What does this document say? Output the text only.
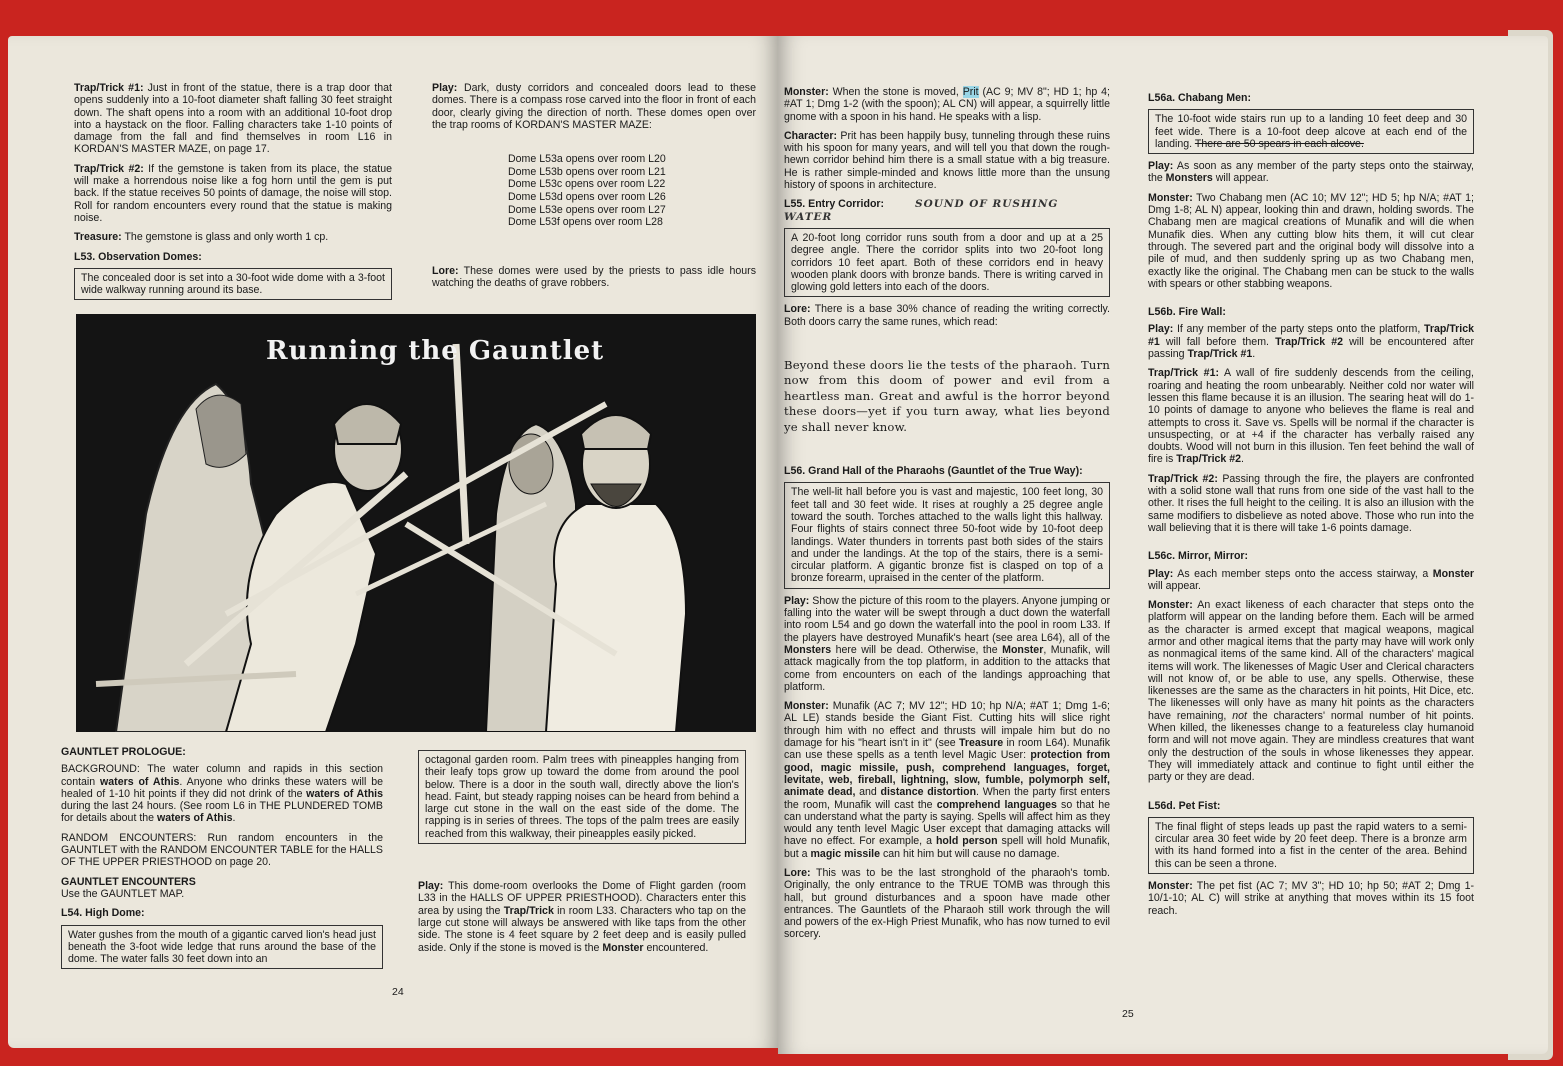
Trap/Trick #1: Just in front of the statue, there is a trap door that opens suddenly into a 10-foot diameter shaft falling 30 feet straight down. The shaft opens into a room with an additional 10-foot drop into a haystack on the floor. Falling characters take 1-10 points of damage from the fall and find themselves in room L16 in KORDAN'S MASTER MAZE, on page 17.

Trap/Trick #2: If the gemstone is taken from its place, the statue will make a horrendous noise like a fog horn until the gem is put back. If the statue receives 50 points of damage, the noise will stop. Roll for random encounters every round that the statue is making noise.

Treasure: The gemstone is glass and only worth 1 cp.

L53. Observation Domes:
The concealed door is set into a 30-foot wide dome with a 3-foot wide walkway running around its base.

Play: Dark, dusty corridors and concealed doors lead to these domes. There is a compass rose carved into the floor in front of each door, clearly giving the direction of north. These domes open over the trap rooms of KORDAN'S MASTER MAZE:

Dome L53a opens over room L20
Dome L53b opens over room L21
Dome L53c opens over room L22
Dome L53d opens over room L26
Dome L53e opens over room L27
Dome L53f opens over room L28

Lore: These domes were used by the priests to pass idle hours watching the deaths of grave robbers.

Running the Gauntlet
GAUNTLET PROLOGUE:

BACKGROUND: The water column and rapids in this section contain waters of Athis. Anyone who drinks these waters will be healed of 1-10 hit points if they did not drink of the waters of Athis during the last 24 hours. (See room L6 in THE PLUNDERED TOMB for details about the waters of Athis.

RANDOM ENCOUNTERS: Run random encounters in the GAUNTLET with the RANDOM ENCOUNTER TABLE for the HALLS OF THE UPPER PRIESTHOOD on page 20.

GAUNTLET ENCOUNTERS

Use the GAUNTLET MAP.

L54. High Dome:
Water gushes from the mouth of a gigantic carved lion's head just beneath the 3-foot wide ledge that runs around the base of the dome. The water falls 30 feet down into an
octagonal garden room. Palm trees with pineapples hanging from their leafy tops grow up toward the dome from around the pool below. There is a door in the south wall, directly above the lion's head. Faint, but steady rapping noises can be heard from behind a large cut stone in the wall on the east side of the dome. The rapping is in series of threes. The tops of the palm trees are easily reached from this walkway, their pineapples easily picked.

Play: This dome-room overlooks the Dome of Flight garden (room L33 in the HALLS OF UPPER PRIESTHOOD). Characters enter this area by using the Trap/Trick in room L33. Characters who tap on the large cut stone will always be answered with like taps from the other side. The stone is 4 feet square by 2 feet deep and is easily pulled aside. Only if the stone is moved is the Monster encountered.

24

Monster: When the stone is moved, Prit (AC 9; MV 8"; HD 1; hp 4; #AT 1; Dmg 1-2 (with the spoon); AL CN) will appear, a squirrelly little gnome with a spoon in his hand. He speaks with a lisp.

Character: Prit has been happily busy, tunneling through these ruins with his spoon for many years, and will tell you that down the rough-hewn corridor behind him there is a small statue with a big treasure. He is rather simple-minded and knows little more than the unsung history of spoons in architecture.

L55. Entry Corridor:	SOUND OF RUSHING WATER
A 20-foot long corridor runs south from a door and up at a 25 degree angle. There the corridor splits into two 20-foot long corridors 10 feet apart. Both of these corridors end in heavy wooden plank doors with bronze bands. There is writing carved in glowing gold letters into each of the doors.

Lore: There is a base 30% chance of reading the writing correctly. Both doors carry the same runes, which read:

Beyond these doors lie the tests of the pharaoh. Turn now from this doom of power and evil from a heartless man. Great and awful is the horror beyond these doors—yet if you turn away, what lies beyond ye shall never know.

L56. Grand Hall of the Pharaohs (Gauntlet of the True Way):
The well-lit hall before you is vast and majestic, 100 feet long, 30 feet tall and 30 feet wide. It rises at roughly a 25 degree angle toward the south. Torches attached to the walls light this hallway. Four flights of stairs connect three 50-foot wide by 10-foot deep landings. Water thunders in torrents past both sides of the stairs and under the landings. At the top of the stairs, there is a semi-circular platform. A gigantic bronze fist is clasped on top of a bronze forearm, upraised in the center of the platform.

Play: Show the picture of this room to the players. Anyone jumping or falling into the water will be swept through a duct down the waterfall into room L54 and go down the waterfall into the pool in room L33. If the players have destroyed Munafik's heart (see area L64), all of the Monsters here will be dead. Otherwise, the Monster, Munafik, will attack magically from the top platform, in addition to the attacks that come from encounters on each of the landings approaching that platform.

Monster: Munafik (AC 7; MV 12"; HD 10; hp N/A; #AT 1; Dmg 1-6; AL LE) stands beside the Giant Fist. Cutting hits will slice right through him with no effect and thrusts will impale him but do no damage for his "heart isn't in it" (see Treasure in room L64). Munafik can use these spells as a tenth level Magic User: protection from good, magic missile, push, comprehend languages, forget, levitate, web, fireball, lightning, slow, fumble, polymorph self, animate dead, and distance distortion. When the party first enters the room, Munafik will cast the comprehend languages so that he can understand what the party is saying. Spells will affect him as they would any tenth level Magic User except that damaging attacks will have no effect. For example, a hold person spell will hold Munafik, but a magic missile can hit him but will cause no damage.

Lore: This was to be the last stronghold of the pharaoh's tomb. Originally, the only entrance to the TRUE TOMB was through this hall, but ground disturbances and a spoon have made other entrances. The Gauntlets of the Pharaoh still work through the will and powers of the ex-High Priest Munafik, who has now turned to evil sorcery.

L56a. Chabang Men:
The 10-foot wide stairs run up to a landing 10 feet deep and 30 feet wide. There is a 10-foot deep alcove at each end of the landing. There are 50 spears in each alcove.

Play: As soon as any member of the party steps onto the stairway, the Monsters will appear.

Monster: Two Chabang men (AC 10; MV 12"; HD 5; hp N/A; #AT 1; Dmg 1-8; AL N) appear, looking thin and drawn, holding swords. The Chabang men are magical creations of Munafik and will die when Munafik dies. When any cutting blow hits them, it will cut clear through. The severed part and the original body will dissolve into a pile of mud, and then suddenly spring up as two Chabang men, exactly like the original. The Chabang men can be stuck to the walls with spears or other stabbing weapons.

L56b. Fire Wall:

Play: If any member of the party steps onto the platform, Trap/Trick #1 will fall before them. Trap/Trick #2 will be encountered after passing Trap/Trick #1.

Trap/Trick #1: A wall of fire suddenly descends from the ceiling, roaring and heating the room unbearably. Neither cold nor water will lessen this flame because it is an illusion. The searing heat will do 1-10 points of damage to anyone who believes the flame is real and attempts to cross it. Save vs. Spells will be normal if the character is unsuspecting, or at +4 if the character has verbally raised any doubts. Wood will not burn in this illusion. Ten feet behind the wall of fire is Trap/Trick #2.

Trap/Trick #2: Passing through the fire, the players are confronted with a solid stone wall that runs from one side of the vast hall to the other. It rises the full height to the ceiling. It is also an illusion with the same modifiers to disbelieve as noted above. Those who run into the wall believing that it is there will take 1-6 points damage.

L56c. Mirror, Mirror:

Play: As each member steps onto the access stairway, a Monster will appear.

Monster: An exact likeness of each character that steps onto the platform will appear on the landing before them. Each will be armed as the character is armed except that magical weapons, magical armor and other magical items that the party may have will work only as nonmagical items of the same kind. All of the characters' magical items will work. The likenesses of Magic User and Clerical characters will not know of, or be able to use, any spells. Otherwise, these likenesses are the same as the characters in hit points, Hit Dice, etc. The likenesses will only have as many hit points as the characters have remaining, not the characters' normal number of hit points. When killed, the likenesses change to a featureless clay humanoid form and will not move again. They are mindless creatures that want only the destruction of the souls in whose likenesses they appear. They will immediately attack and continue to fight until either the party or they are dead.

L56d. Pet Fist:
The final flight of steps leads up past the rapid waters to a semi-circular area 30 feet wide by 20 feet deep. There is a bronze arm with its hand formed into a fist in the center of the area. Behind this can be seen a throne.

Monster: The pet fist (AC 7; MV 3"; HD 10; hp 50; #AT 2; Dmg 1-10/1-10; AL C) will strike at anything that moves within its 15 foot reach.

25
